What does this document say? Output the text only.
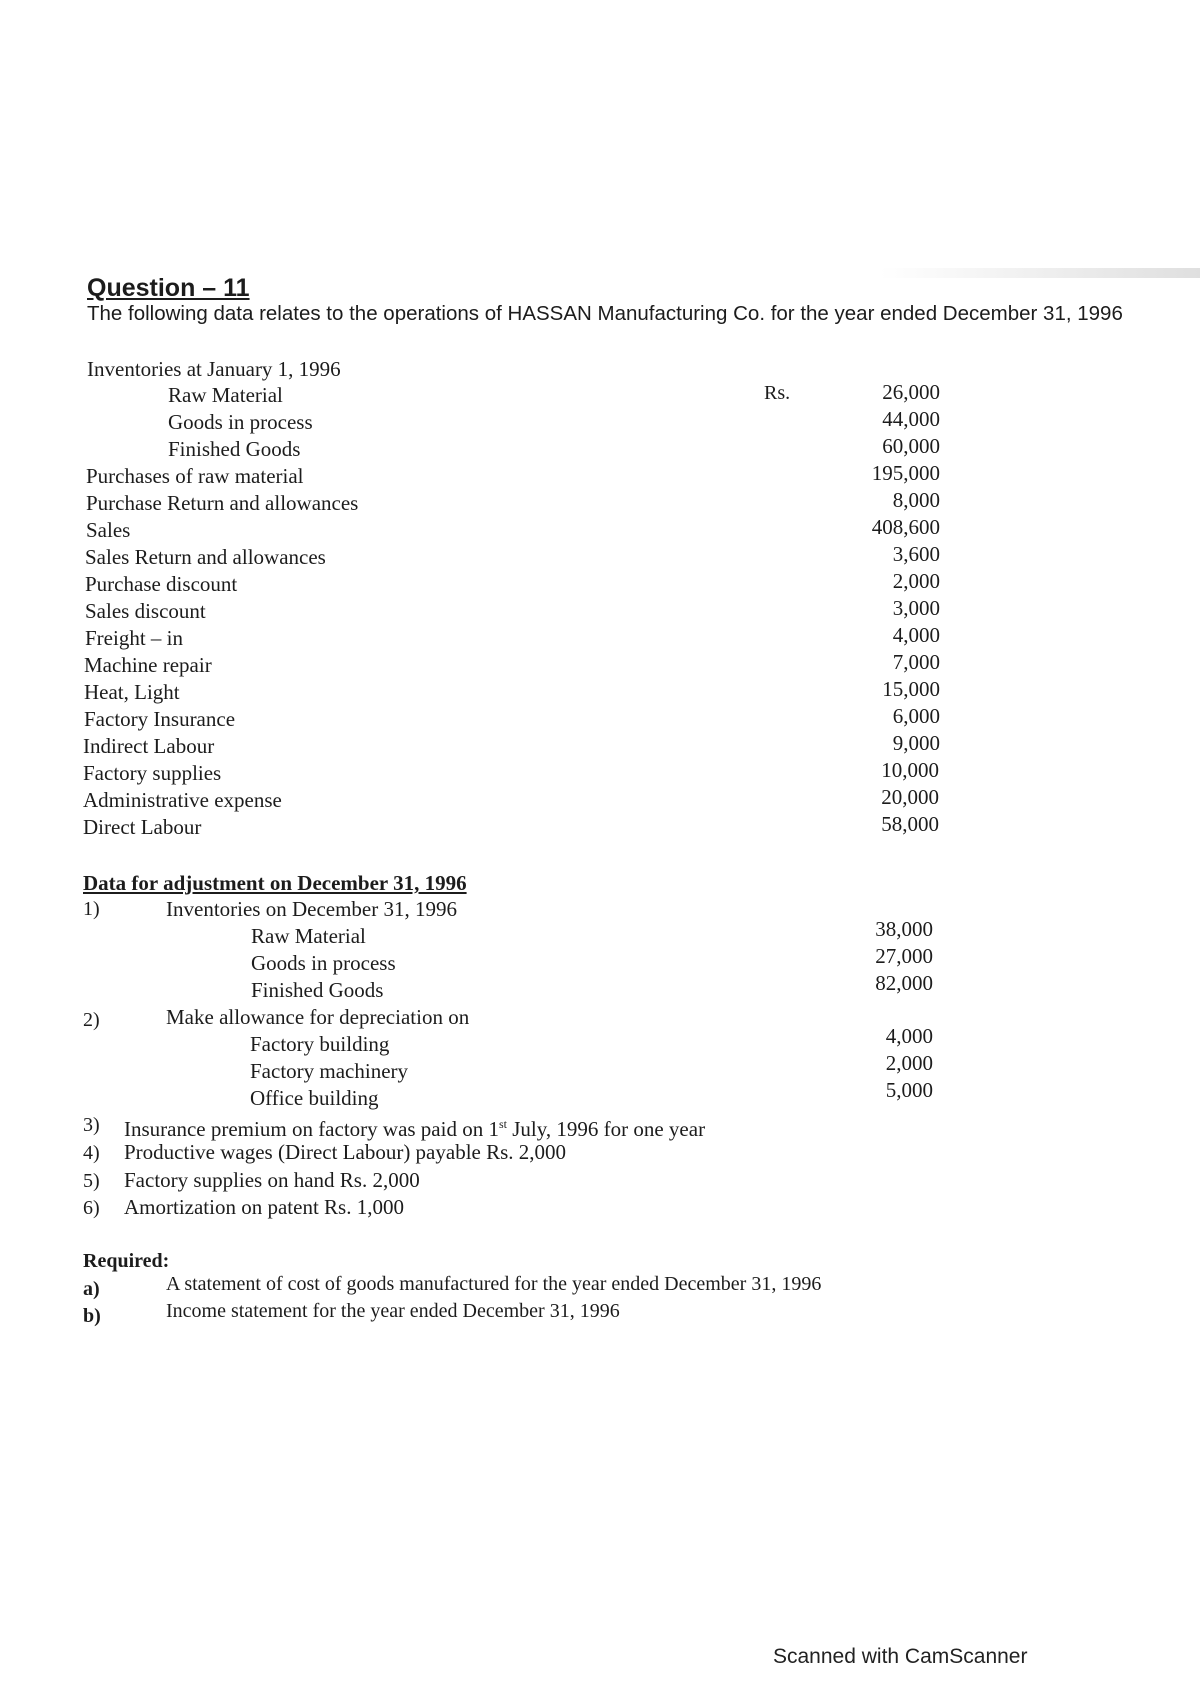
Question – 11
The following data relates to the operations of HASSAN Manufacturing Co. for the year ended December 31, 1996
Inventories at January 1, 1996
Rs.
Raw Material	26,000
Goods in process	44,000
Finished Goods	60,000
Purchases of raw material	195,000
Purchase Return and allowances	8,000
Sales	408,600
Sales Return and allowances	3,600
Purchase discount	2,000
Sales discount	3,000
Freight – in	4,000
Machine repair	7,000
Heat, Light	15,000
Factory Insurance	6,000
Indirect Labour	9,000
Factory supplies	10,000
Administrative expense	20,000
Direct Labour	58,000
Data for adjustment on December 31, 1996
1)	Inventories on December 31, 1996
Raw Material	38,000
Goods in process	27,000
Finished Goods	82,000
2)	Make allowance for depreciation on
Factory building	4,000
Factory machinery	2,000
Office building	5,000
3) Insurance premium on factory was paid on 1st July, 1996 for one year
4) Productive wages (Direct Labour) payable Rs. 2,000
5) Factory supplies on hand Rs. 2,000
6) Amortization on patent Rs. 1,000
Required:
a)	A statement of cost of goods manufactured for the year ended December 31, 1996
b)	Income statement for the year ended December 31, 1996
Scanned with CamScanner
